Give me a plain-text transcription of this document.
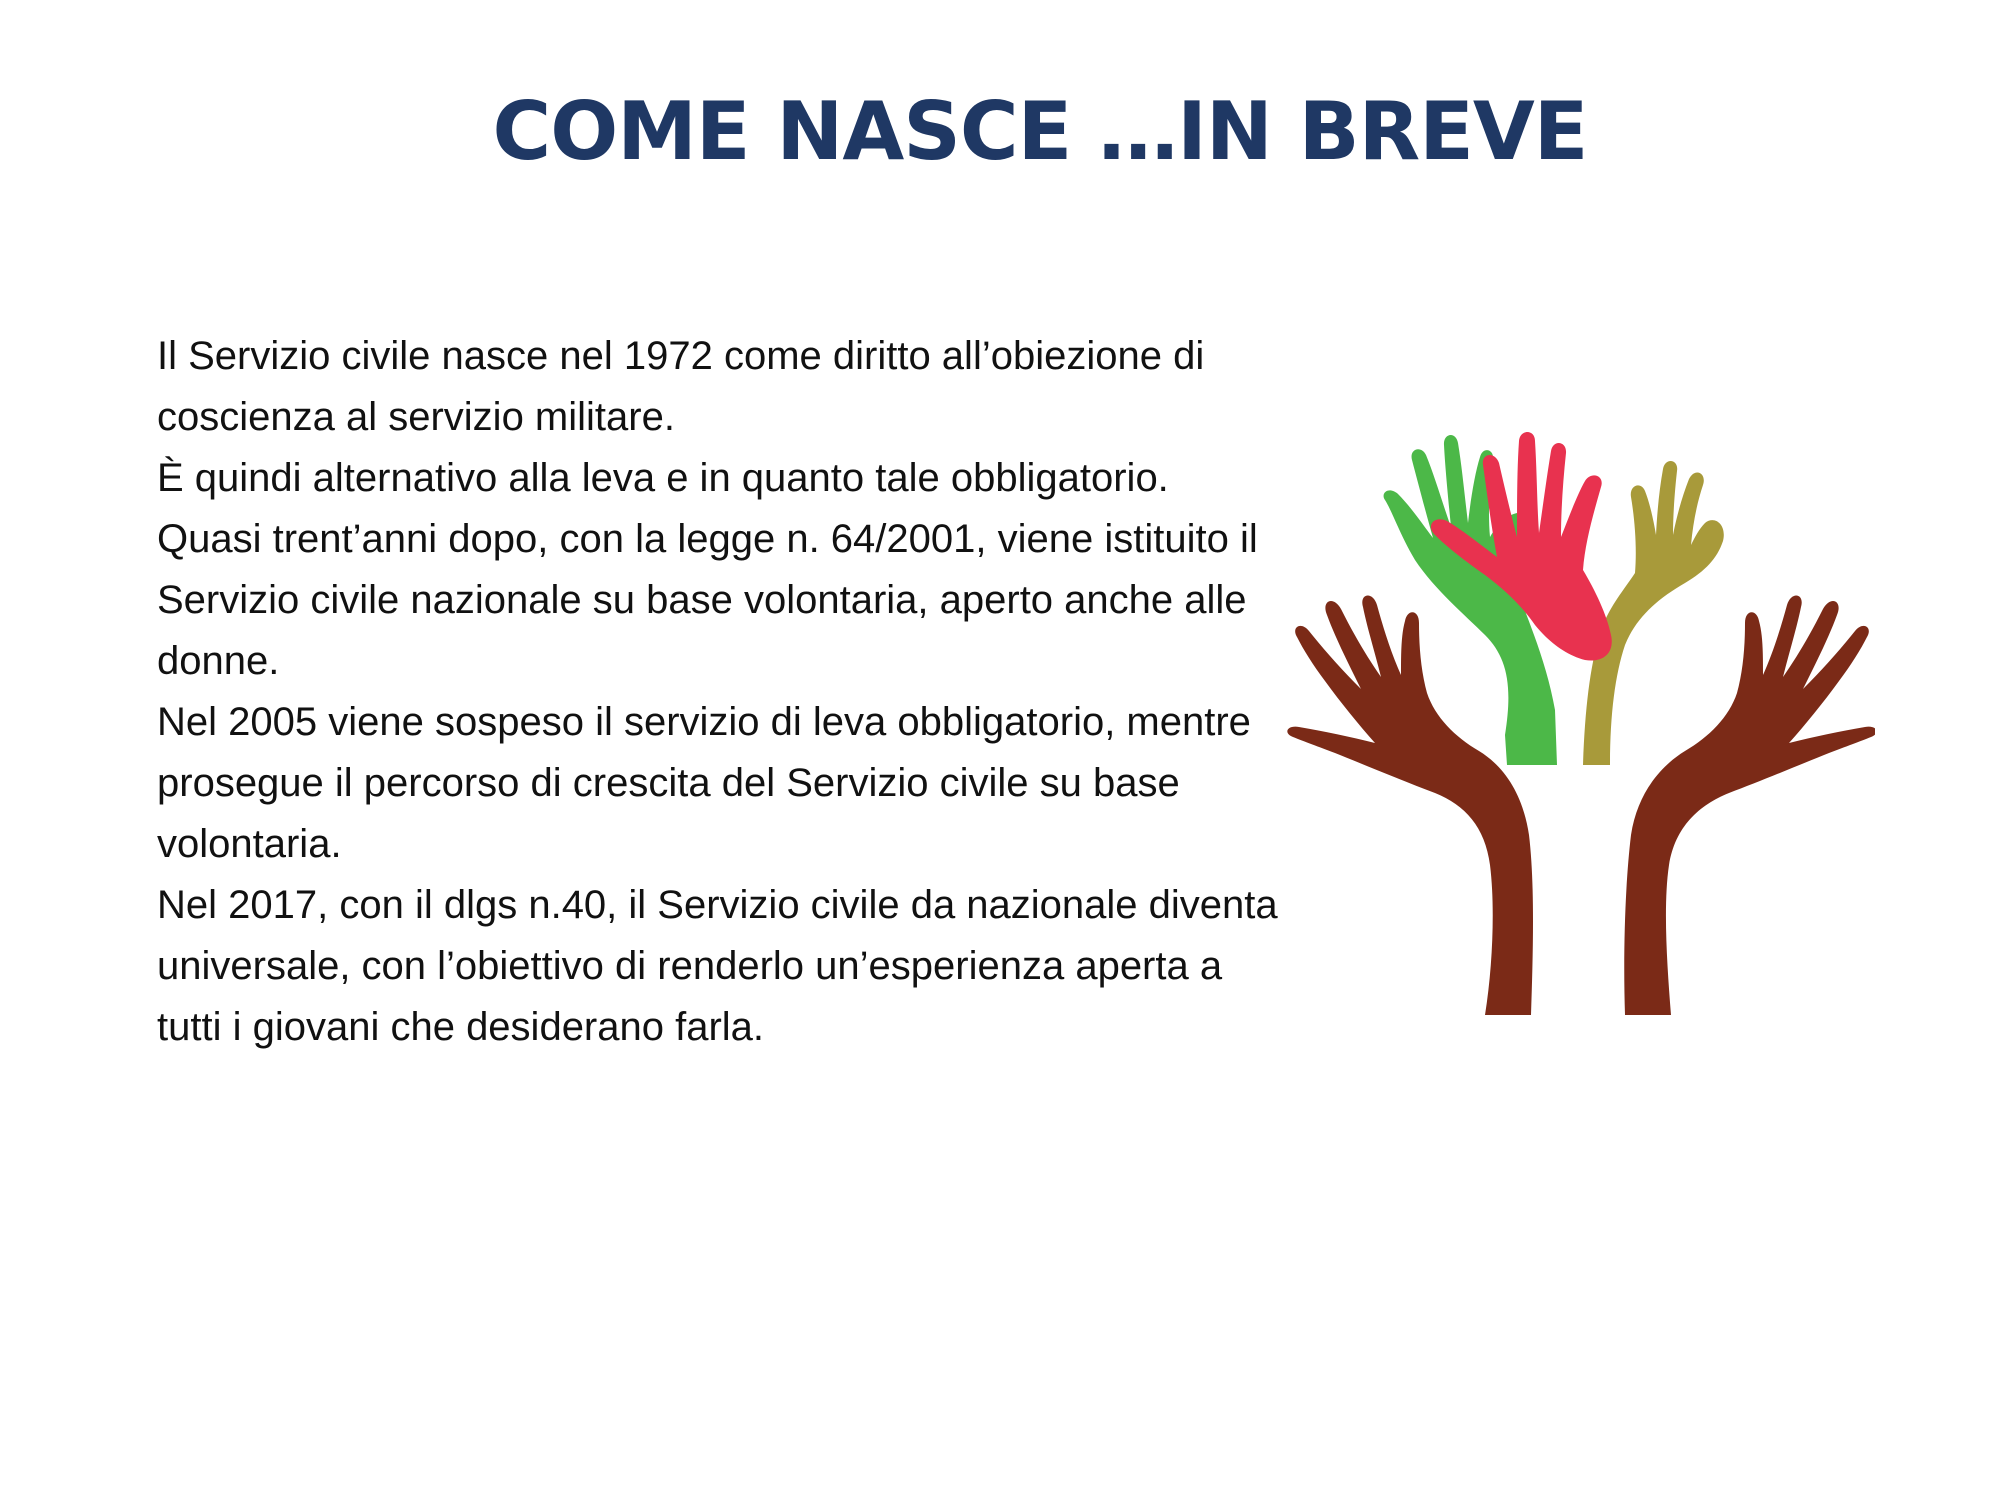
COME NASCE …IN BREVE

Il Servizio civile nasce nel 1972 come diritto all’obiezione di coscienza al servizio militare.

È quindi alternativo alla leva e in quanto tale obbligatorio.

Quasi trent’anni dopo, con la legge n. 64/2001, viene istituito il Servizio civile nazionale su base volontaria, aperto anche alle donne.

Nel 2005 viene sospeso il servizio di leva obbligatorio, mentre prosegue il percorso di crescita del Servizio civile su base volontaria.

Nel 2017, con il dlgs n.40, il Servizio civile da nazionale diventa universale, con l’obiettivo di renderlo un’esperienza aperta a tutti i giovani che desiderano farla.
